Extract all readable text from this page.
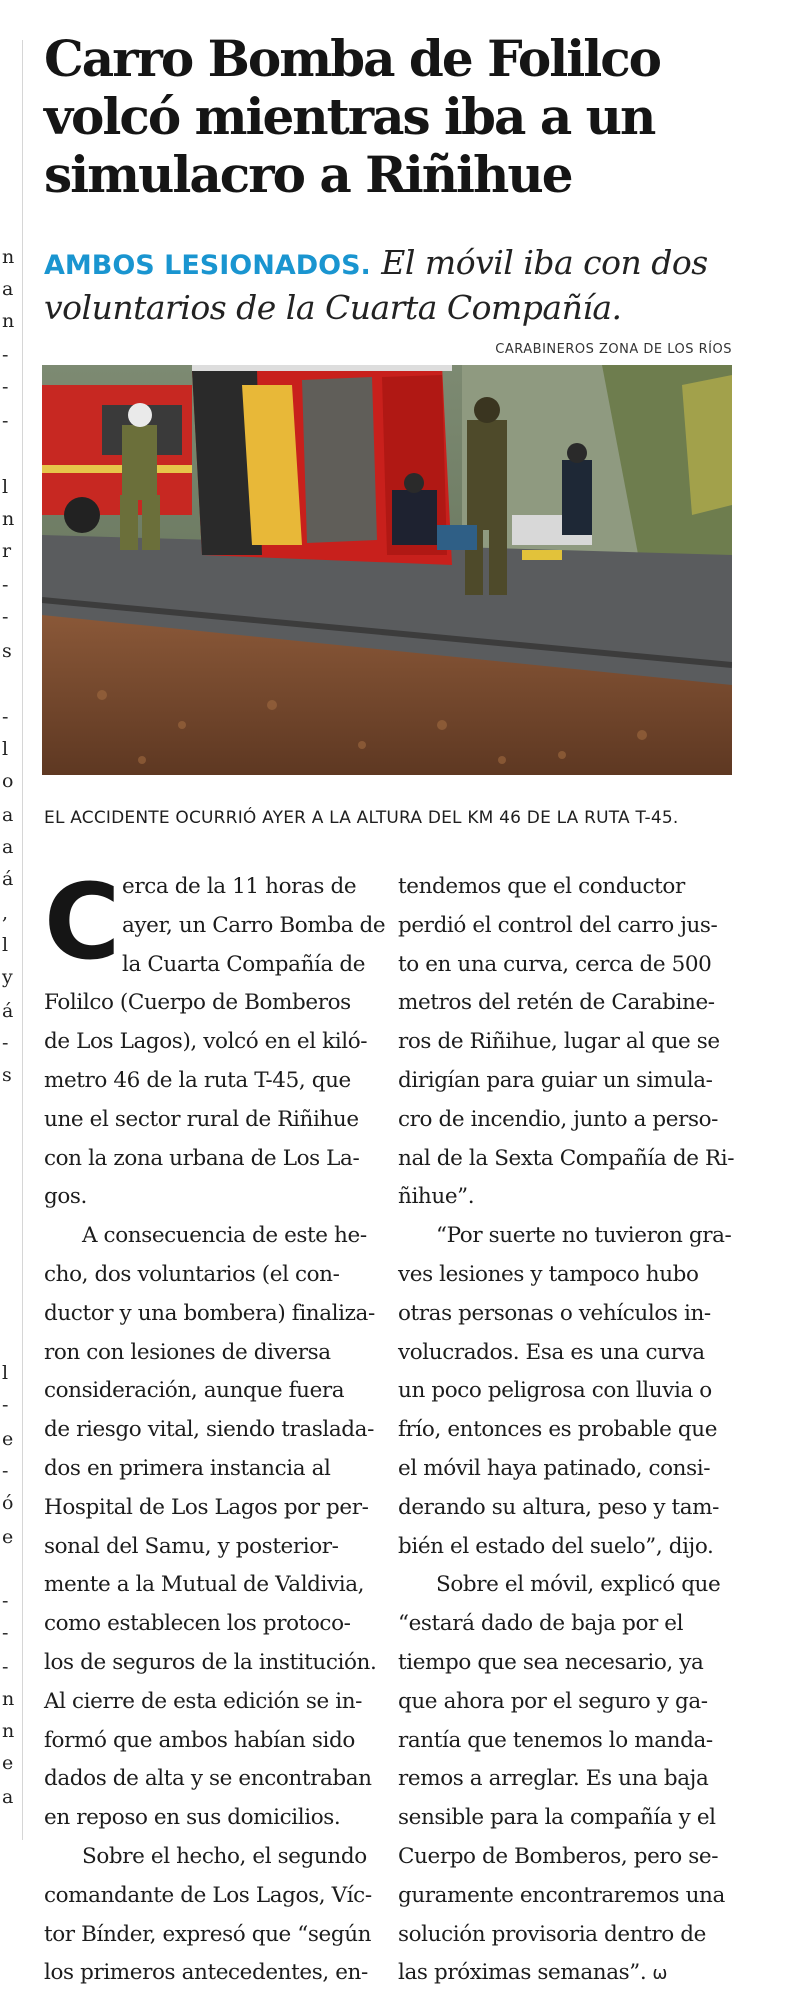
n
a
n
-
-
-
l
n
r
-
-
s
-
l
o
a
a
á
,
l
y
á
-
s
l
-
e
-
ó
e
-
-
-
n
n
e
a
Carro Bomba de Folilco volcó mientras iba a un simulacro a Riñihue

AMBOS LESIONADOS. El móvil iba con dos voluntarios de la Cuarta Compañía.

CARABINEROS ZONA DE LOS RÍOS
EL ACCIDENTE OCURRIÓ AYER A LA ALTURA DEL KM 46 DE LA RUTA T-45.
C erca de la 11 horas de
ayer, un Carro Bomba de
la Cuarta Compañía de
Folilco (Cuerpo de Bomberos
de Los Lagos), volcó en el kiló-
metro 46 de la ruta T-45, que
une el sector rural de Riñihue
con la zona urbana de Los La-
gos.

A consecuencia de este he-
cho, dos voluntarios (el con-
ductor y una bombera) finaliza-
ron con lesiones de diversa
consideración, aunque fuera
de riesgo vital, siendo traslada-
dos en primera instancia al
Hospital de Los Lagos por per-
sonal del Samu, y posterior-
mente a la Mutual de Valdivia,
como establecen los protoco-
los de seguros de la institución.
Al cierre de esta edición se in-
formó que ambos habían sido
dados de alta y se encontraban
en reposo en sus domicilios.

Sobre el hecho, el segundo
comandante de Los Lagos, Víc-
tor Bínder, expresó que “según
los primeros antecedentes, en-

tendemos que el conductor
perdió el control del carro jus-
to en una curva, cerca de 500
metros del retén de Carabine-
ros de Riñihue, lugar al que se
dirigían para guiar un simula-
cro de incendio, junto a perso-
nal de la Sexta Compañía de Ri-
ñihue”.

“Por suerte no tuvieron gra-
ves lesiones y tampoco hubo
otras personas o vehículos in-
volucrados. Esa es una curva
un poco peligrosa con lluvia o
frío, entonces es probable que
el móvil haya patinado, consi-
derando su altura, peso y tam-
bién el estado del suelo”, dijo.

Sobre el móvil, explicó que
“estará dado de baja por el
tiempo que sea necesario, ya
que ahora por el seguro y ga-
rantía que tenemos lo manda-
remos a arreglar. Es una baja
sensible para la compañía y el
Cuerpo de Bomberos, pero se-
guramente encontraremos una
solución provisoria dentro de
las próximas semanas”. ω
